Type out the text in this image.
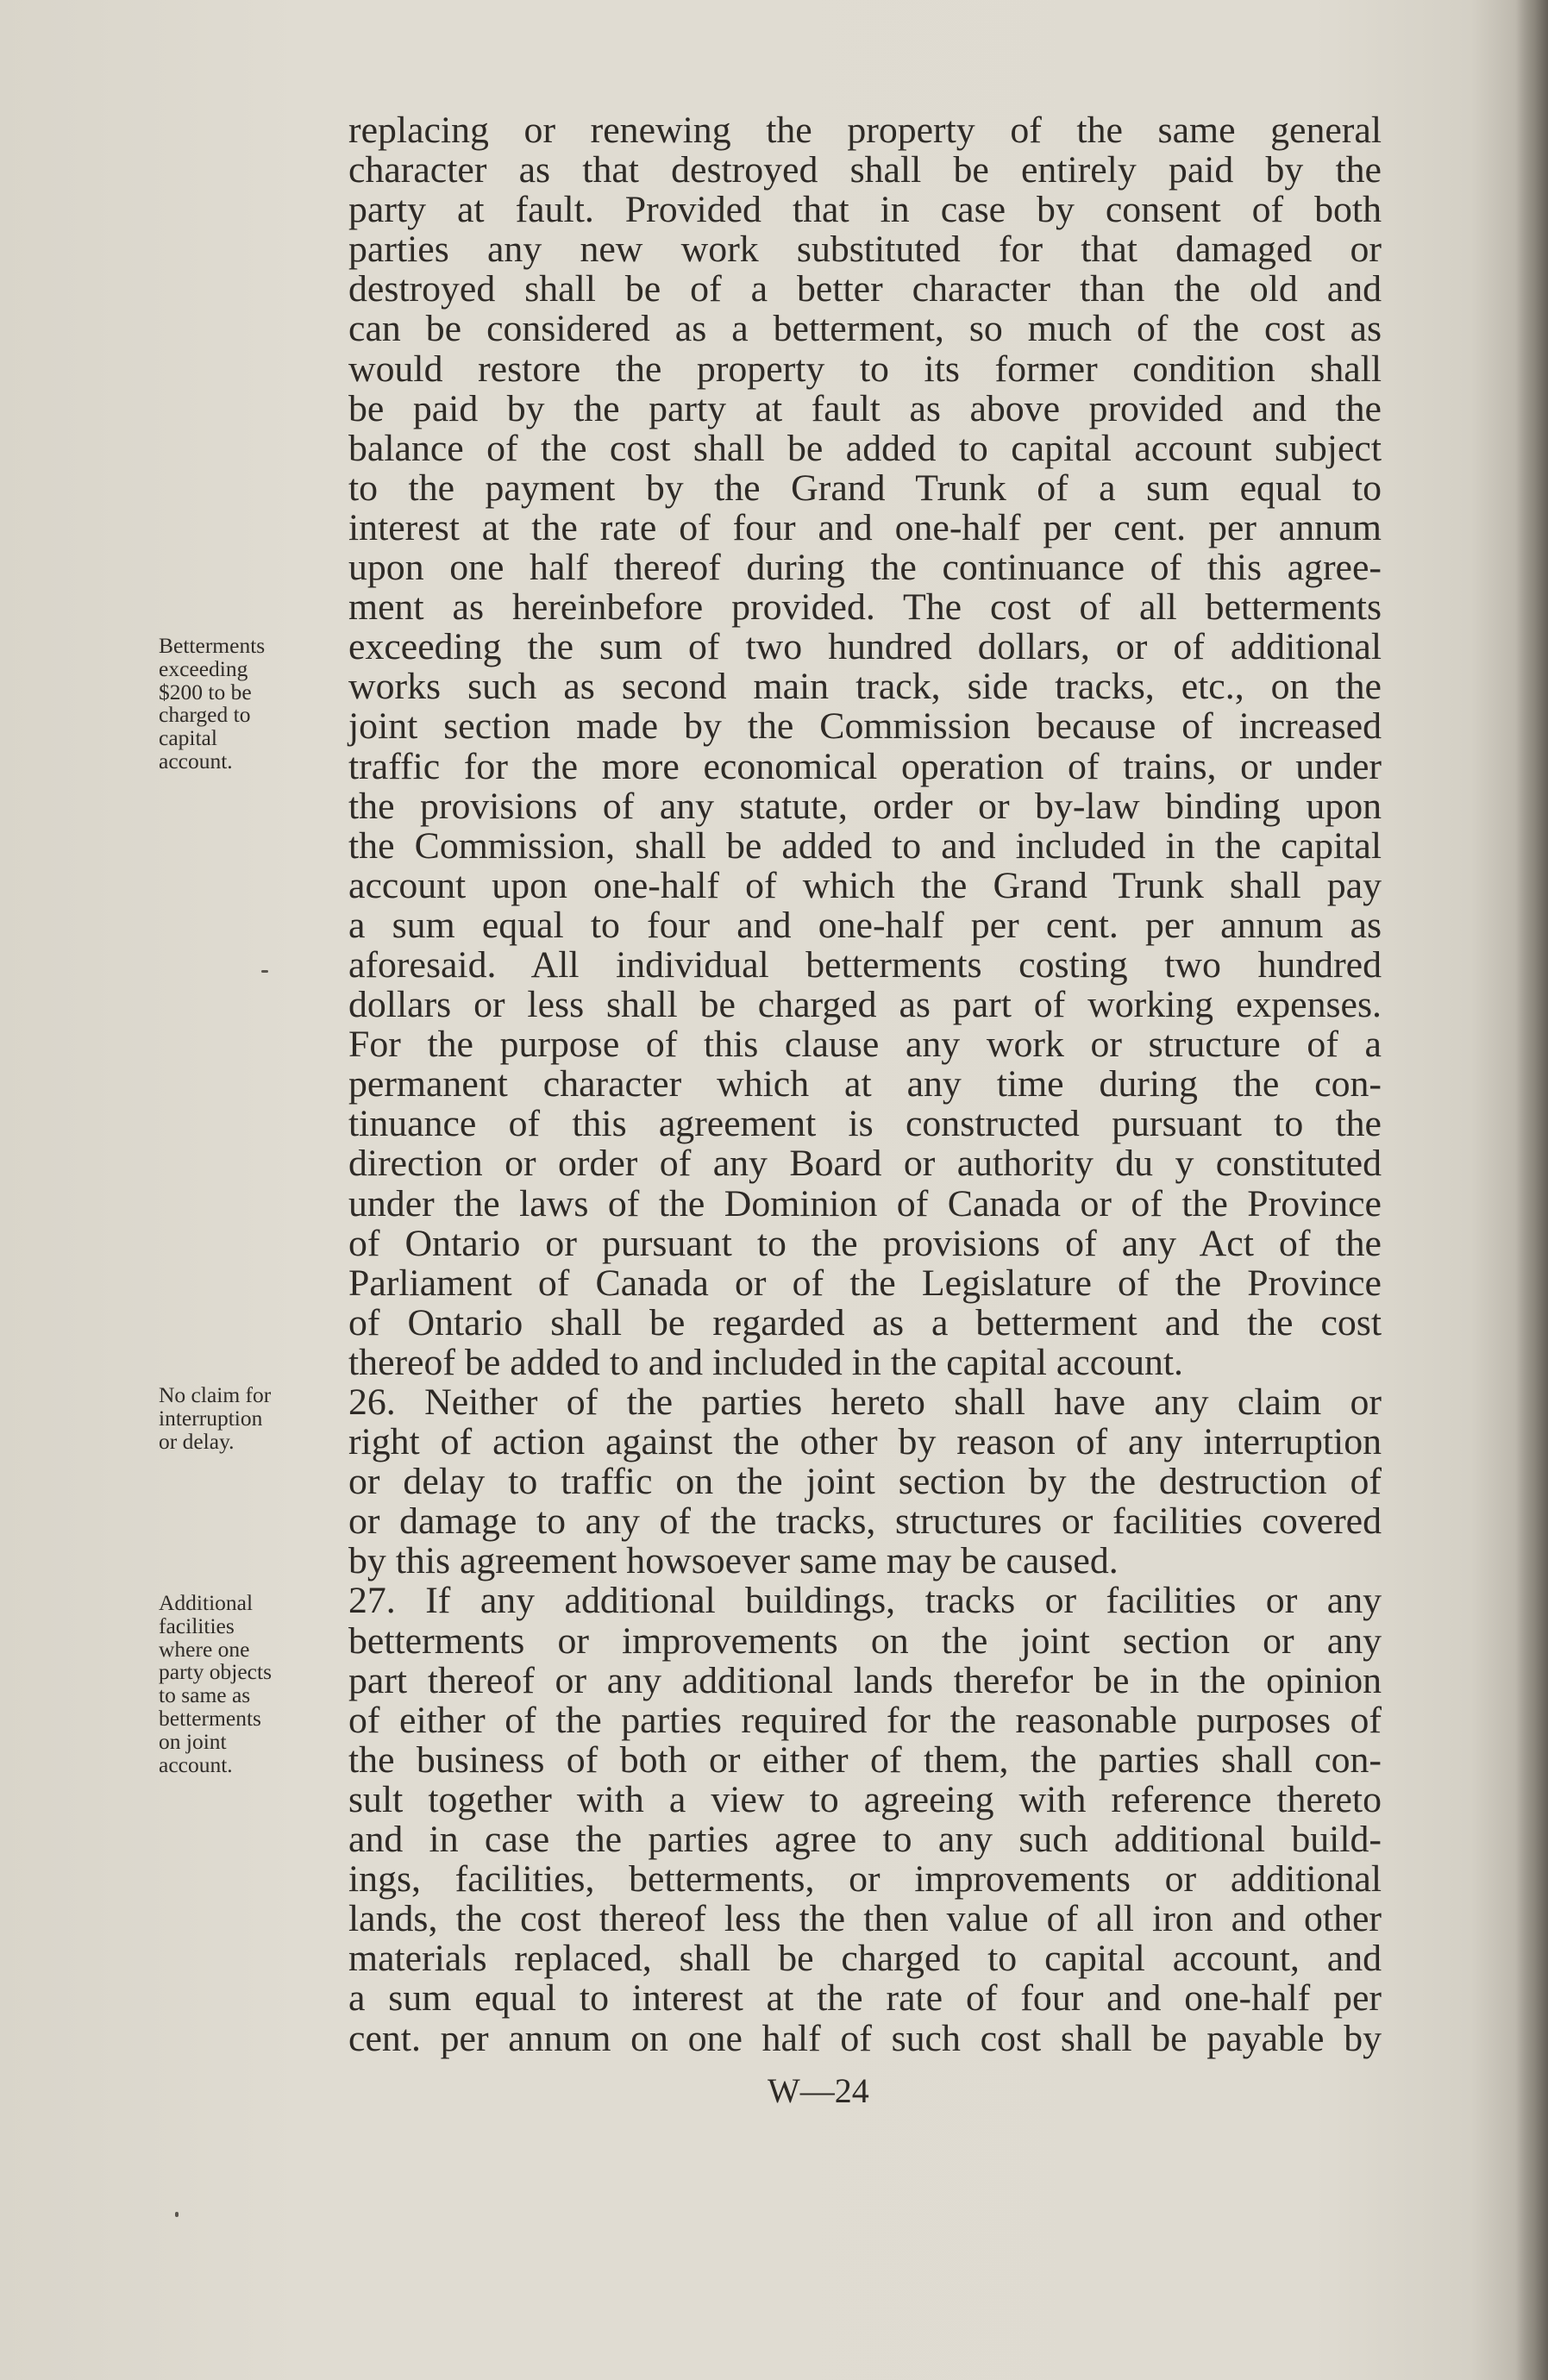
replacing or renewing the property of the same general
character as that destroyed shall be entirely paid by the
party at fault. Provided that in case by consent of both
parties any new work substituted for that damaged or
destroyed shall be of a better character than the old and
can be considered as a betterment, so much of the cost as
would restore the property to its former condition shall
be paid by the party at fault as above provided and the
balance of the cost shall be added to capital account subject
to the payment by the Grand Trunk of a sum equal to
interest at the rate of four and one-half per cent. per annum
upon one half thereof during the continuance of this agree-
ment as hereinbefore provided. The cost of all betterments
exceeding the sum of two hundred dollars, or of additional
works such as second main track, side tracks, etc., on the
joint section made by the Commission because of increased
traffic for the more economical operation of trains, or under
the provisions of any statute, order or by-law binding upon
the Commission, shall be added to and included in the capital
account upon one-half of which the Grand Trunk shall pay
a sum equal to four and one-half per cent. per annum as
aforesaid. All individual betterments costing two hundred
dollars or less shall be charged as part of working expenses.
For the purpose of this clause any work or structure of a
permanent character which at any time during the con-
tinuance of this agreement is constructed pursuant to the
direction or order of any Board or authority du y constituted
under the laws of the Dominion of Canada or of the Province
of Ontario or pursuant to the provisions of any Act of the
Parliament of Canada or of the Legislature of the Province
of Ontario shall be regarded as a betterment and the cost
thereof be added to and included in the capital account.
26. Neither of the parties hereto shall have any claim or
right of action against the other by reason of any interruption
or delay to traffic on the joint section by the destruction of
or damage to any of the tracks, structures or facilities covered
by this agreement howsoever same may be caused.
27. If any additional buildings, tracks or facilities or any
betterments or improvements on the joint section or any
part thereof or any additional lands therefor be in the opinion
of either of the parties required for the reasonable purposes of
the business of both or either of them, the parties shall con-
sult together with a view to agreeing with reference thereto
and in case the parties agree to any such additional build-
ings, facilities, betterments, or improvements or additional
lands, the cost thereof less the then value of all iron and other
materials replaced, shall be charged to capital account, and
a sum equal to interest at the rate of four and one-half per
cent. per annum on one half of such cost shall be payable by
Betterments
exceeding
$200 to be
charged to
capital
account.
No claim for
interruption
or delay.
Additional
facilities
where one
party objects
to same as
betterments
on joint
account.
W—24
